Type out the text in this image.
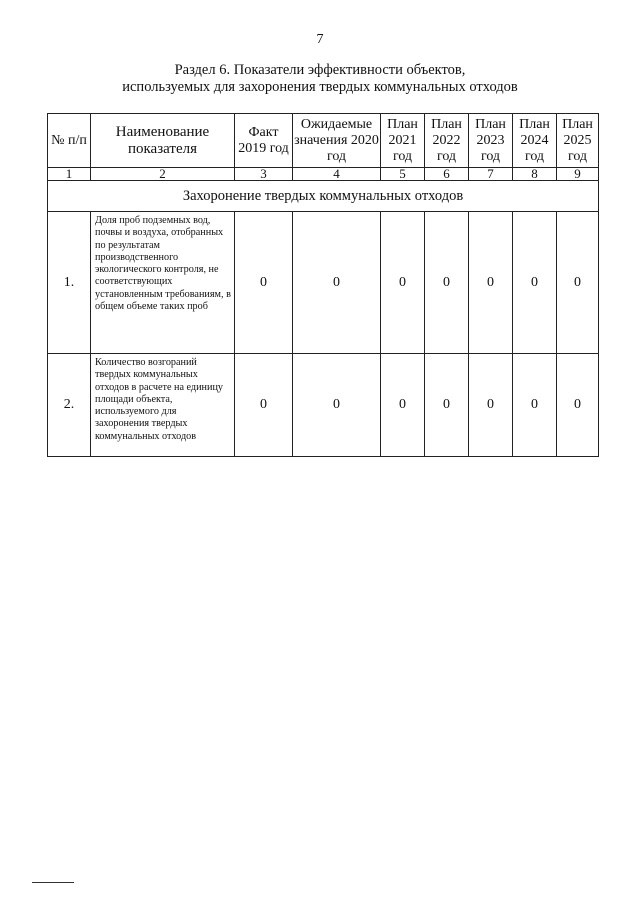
7
Раздел 6. Показатели эффективности объектов,
используемых для захоронения твердых коммунальных отходов
№ п/п	Наименование показателя	Факт 2019 год	Ожидаемые значения 2020 год	План 2021 год	План 2022 год	План 2023 год	План 2024 год	План 2025 год
1	2	3	4	5	6	7	8	9
Захоронение твердых коммунальных отходов								
1.	Доля проб подземных вод, почвы и воздуха, отобранных по результатам производственного экологического контроля, не соответствующих установленным требованиям, в общем объеме таких проб	0	0	0	0	0	0	0
2.	Количество возгораний твердых коммунальных отходов в расчете на единицу площади объекта, используемого для захоронения твердых коммунальных отходов	0	0	0	0	0	0	0
